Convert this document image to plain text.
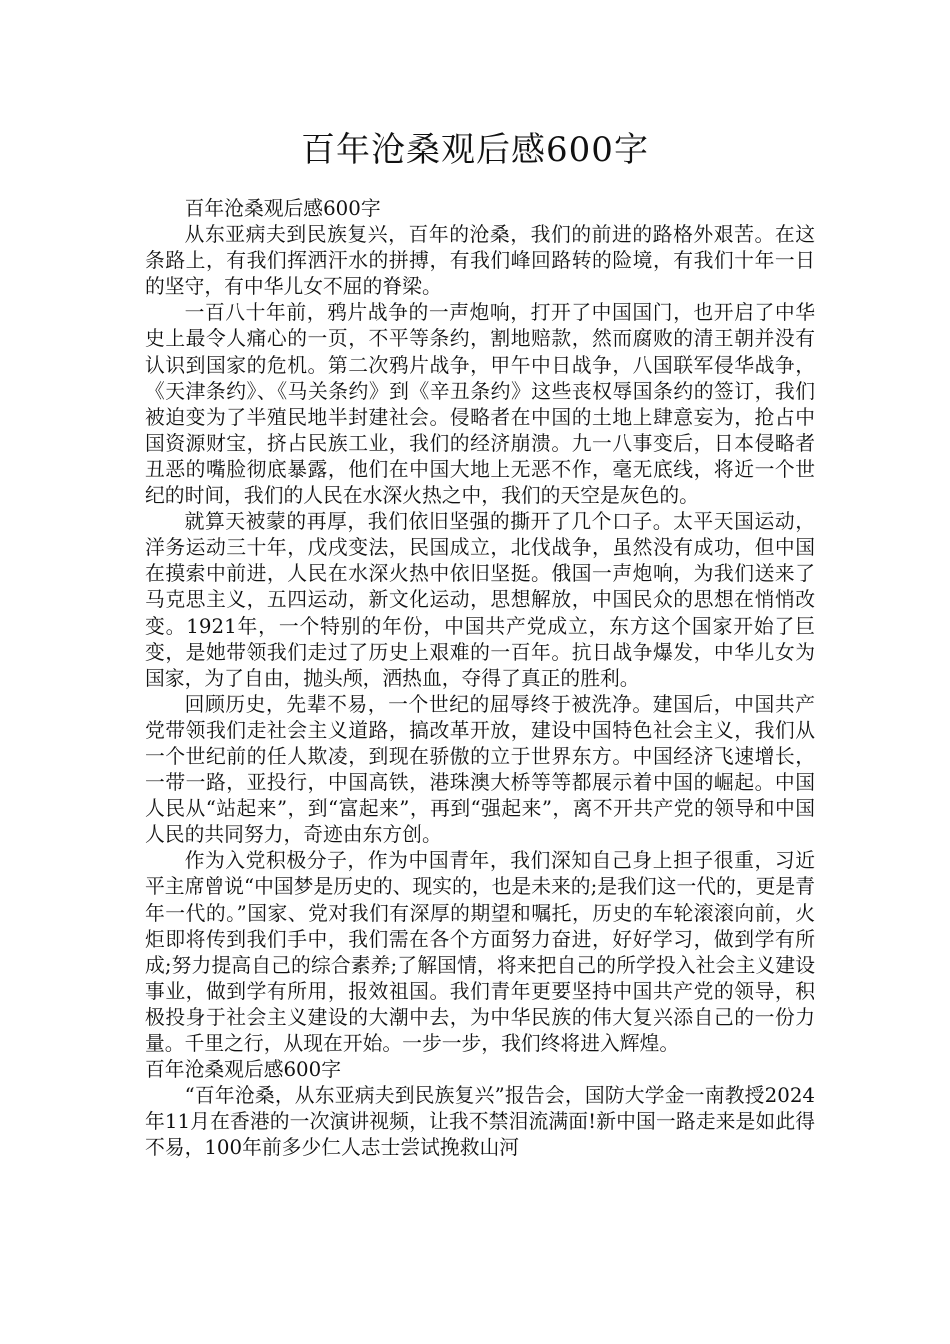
百年沧桑观后感600字

百年沧桑观后感600字

从东亚病夫到民族复兴，百年的沧桑，我们的前进的路格外艰苦。在这条路上，有我们挥洒汗水的拼搏，有我们峰回路转的险境，有我们十年一日的坚守，有中华儿女不屈的脊梁。

一百八十年前，鸦片战争的一声炮响，打开了中国国门，也开启了中华史上最令人痛心的一页，不平等条约，割地赔款，然而腐败的清王朝并没有认识到国家的危机。第二次鸦片战争，甲午中日战争，八国联军侵华战争，《天津条约》、《马关条约》到《辛丑条约》这些丧权辱国条约的签订，我们被迫变为了半殖民地半封建社会。侵略者在中国的土地上肆意妄为，抢占中国资源财宝，挤占民族工业，我们的经济崩溃。九一八事变后，日本侵略者丑恶的嘴脸彻底暴露，他们在中国大地上无恶不作，毫无底线，将近一个世纪的时间，我们的人民在水深火热之中，我们的天空是灰色的。

就算天被蒙的再厚，我们依旧坚强的撕开了几个口子。太平天国运动，洋务运动三十年，戊戌变法，民国成立，北伐战争，虽然没有成功，但中国在摸索中前进，人民在水深火热中依旧坚挺。俄国一声炮响，为我们送来了马克思主义，五四运动，新文化运动，思想解放，中国民众的思想在悄悄改变。1921年，一个特别的年份，中国共产党成立，东方这个国家开始了巨变，是她带领我们走过了历史上艰难的一百年。抗日战争爆发，中华儿女为国家，为了自由，抛头颅，洒热血，夺得了真正的胜利。

回顾历史，先辈不易，一个世纪的屈辱终于被洗净。建国后，中国共产党带领我们走社会主义道路，搞改革开放，建设中国特色社会主义，我们从一个世纪前的任人欺凌，到现在骄傲的立于世界东方。中国经济飞速增长，一带一路，亚投行，中国高铁，港珠澳大桥等等都展示着中国的崛起。中国人民从“站起来”，到“富起来”，再到“强起来”，离不开共产党的领导和中国人民的共同努力，奇迹由东方创。

作为入党积极分子，作为中国青年，我们深知自己身上担子很重，习近平主席曾说“中国梦是历史的、现实的，也是未来的;是我们这一代的，更是青年一代的。”国家、党对我们有深厚的期望和嘱托，历史的车轮滚滚向前，火炬即将传到我们手中，我们需在各个方面努力奋进，好好学习，做到学有所成;努力提高自己的综合素养;了解国情，将来把自己的所学投入社会主义建设事业，做到学有所用，报效祖国。我们青年更要坚持中国共产党的领导，积极投身于社会主义建设的大潮中去，为中华民族的伟大复兴添自己的一份力量。千里之行，从现在开始。一步一步，我们终将进入辉煌。

百年沧桑观后感600字

“百年沧桑，从东亚病夫到民族复兴”报告会，国防大学金一南教授2024年11月在香港的一次演讲视频，让我不禁泪流满面!新中国一路走来是如此得不易，100年前多少仁人志士尝试挽救山河
